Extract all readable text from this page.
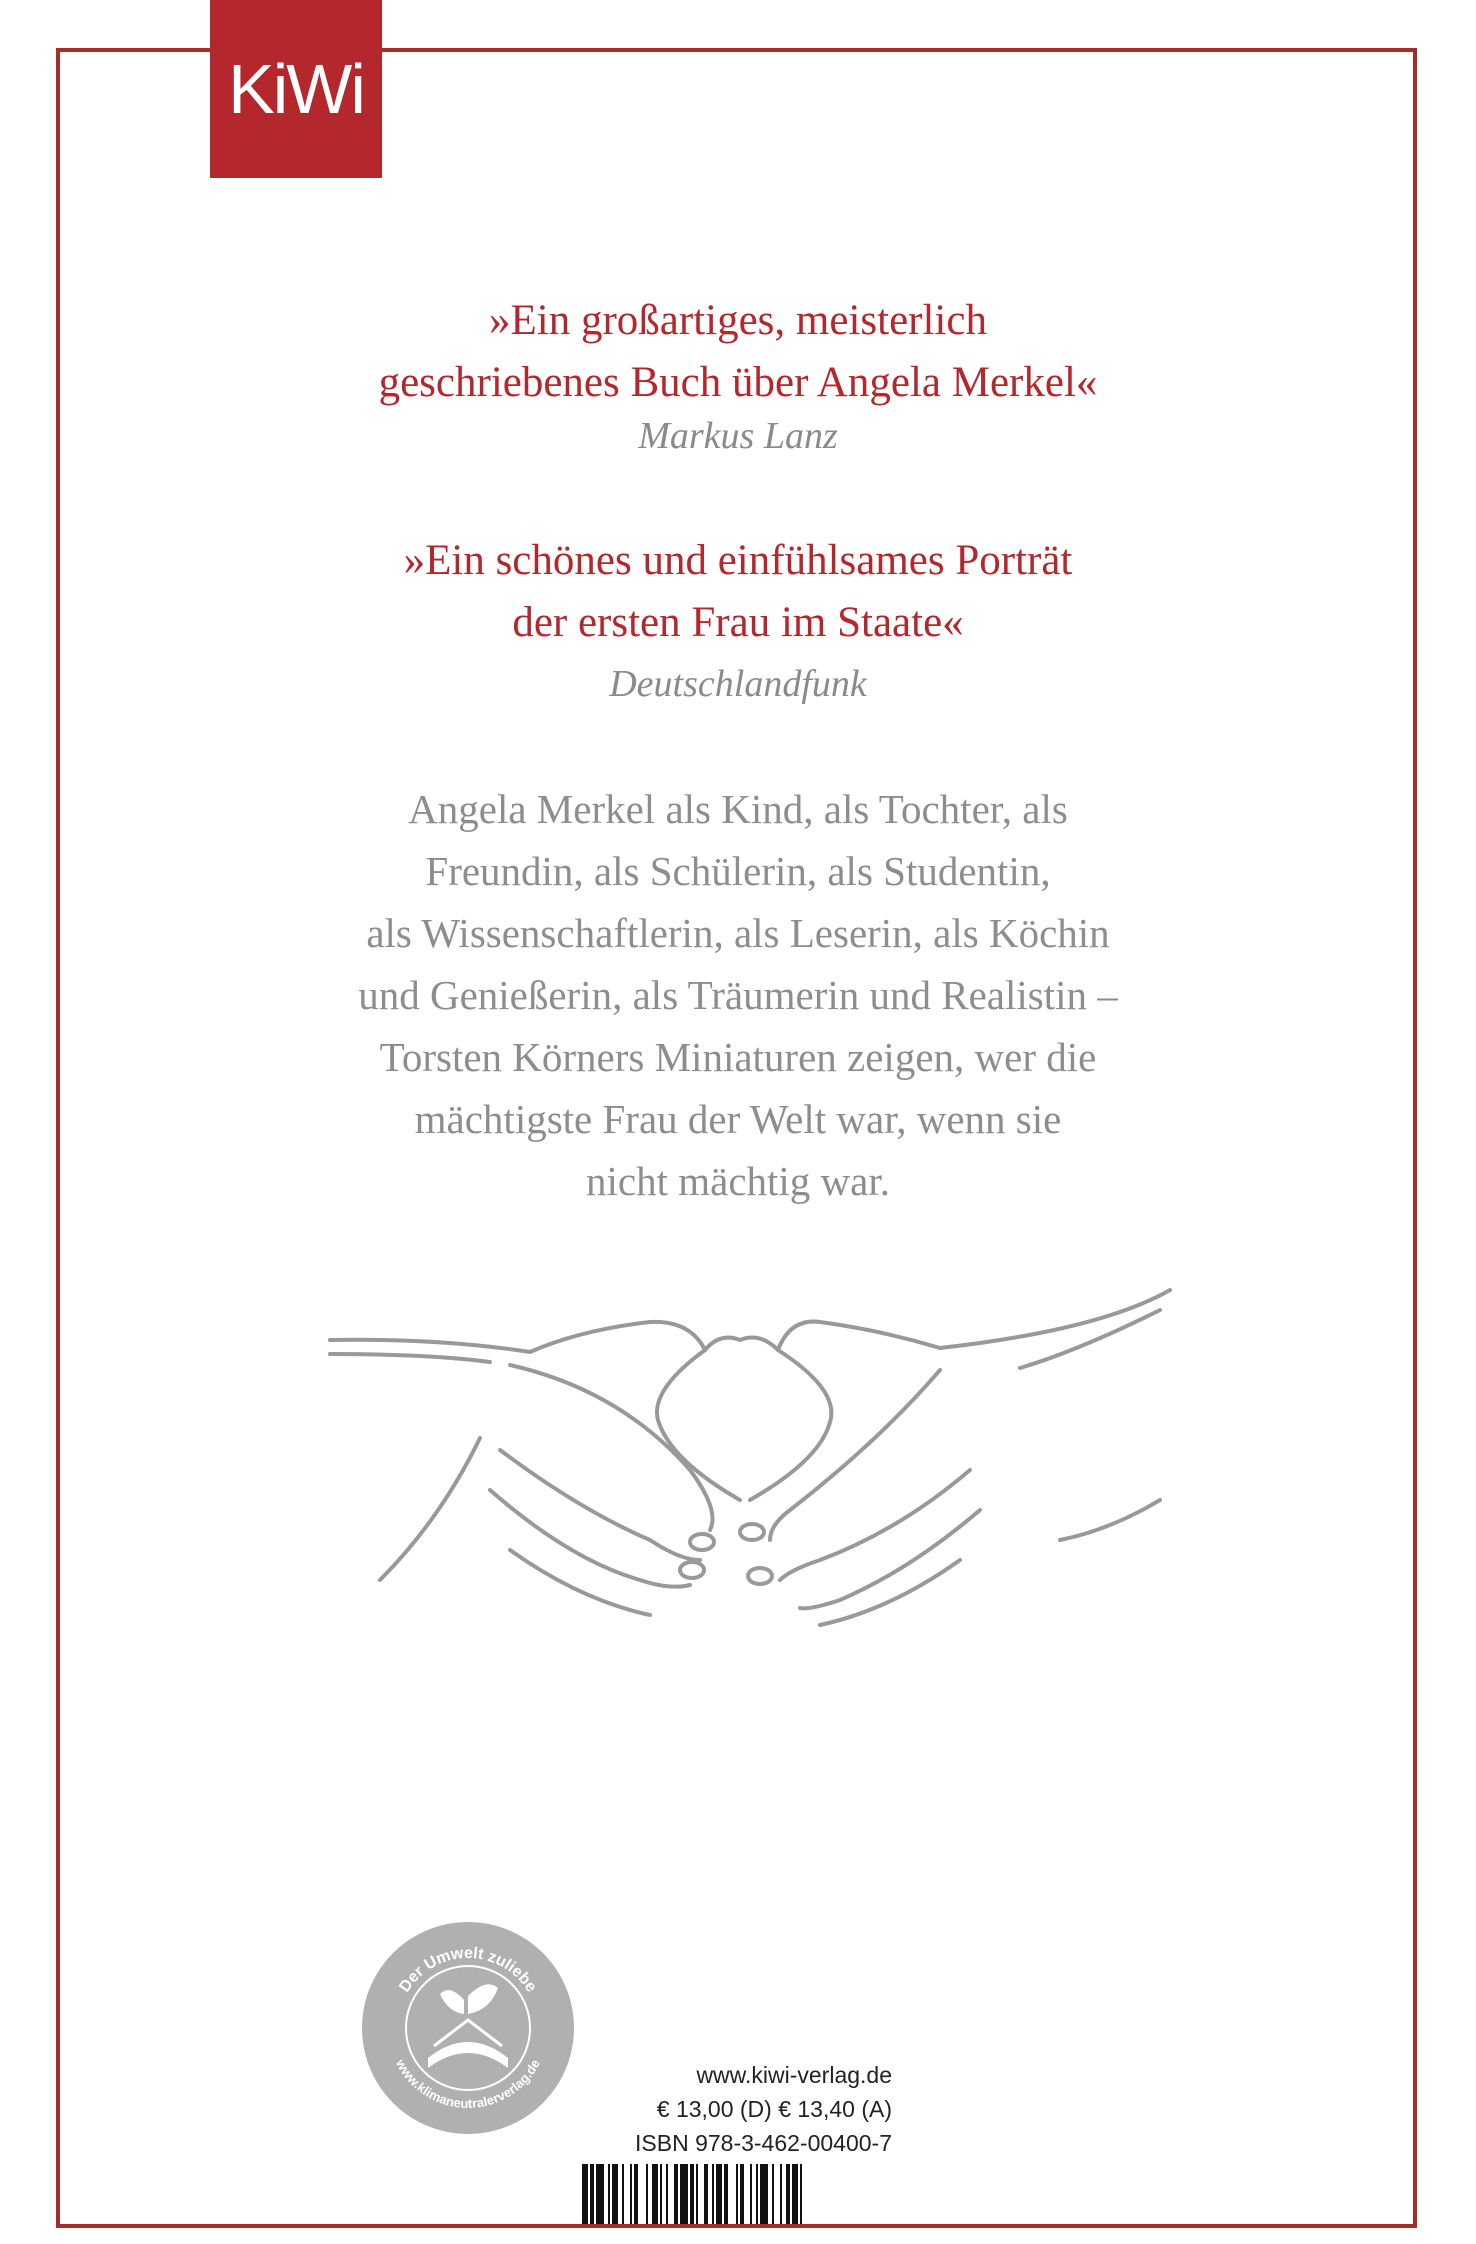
KiWi
»Ein großartiges, meisterlich
geschriebenes Buch über Angela Merkel«
Markus Lanz
»Ein schönes und einfühlsames Porträt
der ersten Frau im Staate«
Deutschlandfunk
Angela Merkel als Kind, als Tochter, als
Freundin, als Schülerin, als Studentin,
als Wissenschaftlerin, als Leserin, als Köchin
und Genießerin, als Träumerin und Realistin –
Torsten Körners Miniaturen zeigen, wer die
mächtigste Frau der Welt war, wenn sie
nicht mächtig war.
Der Umwelt zuliebe
www.klimaneutralerverlag.de	www.kiwi-verlag.de
€ 13,00 (D) € 13,40 (A)
ISBN 978-3-462-00400-7
